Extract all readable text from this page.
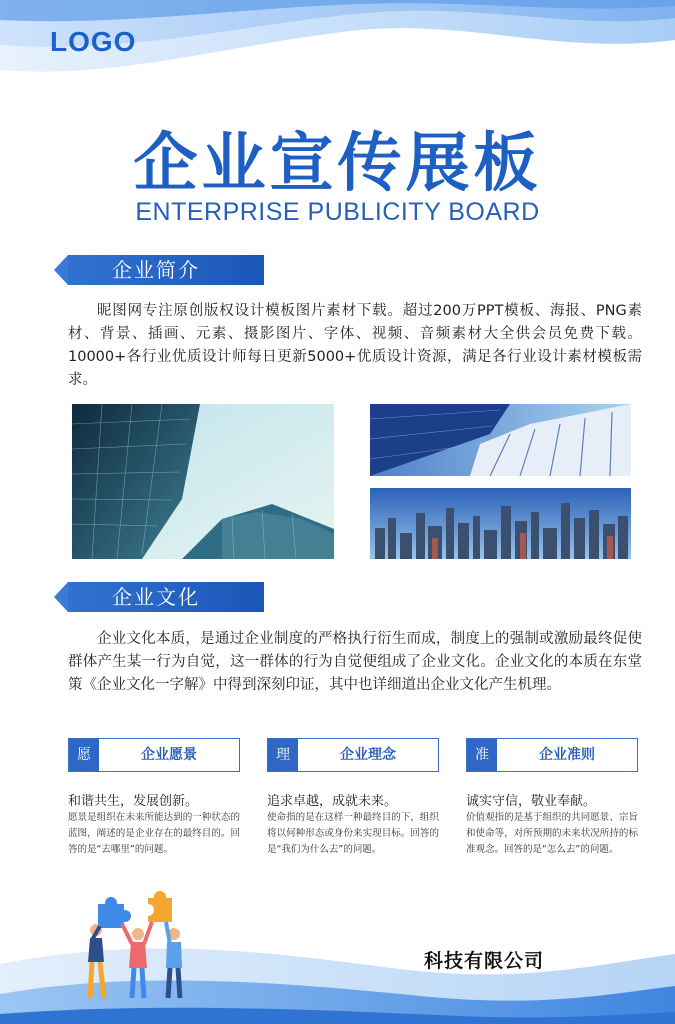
LOGO
企业宣传展板
ENTERPRISE PUBLICITY BOARD
企业简介

昵图网专注原创版权设计模板图片素材下载。超过200万PPT模板、海报、PNG素材、背景、插画、元素、摄影图片、字体、视频、音频素材大全供会员免费下载。10000+各行业优质设计师每日更新5000+优质设计资源，满足各行业设计素材模板需求。

企业文化

企业文化本质，是通过企业制度的严格执行衍生而成，制度上的强制或激励最终促使群体产生某一行为自觉，这一群体的行为自觉便组成了企业文化。企业文化的本质在东堂策《企业文化一字解》中得到深刻印证，其中也详细道出企业文化产生机理。

愿	企业愿景	理	企业理念	准	企业准则
和谐共生，发展创新。	追求卓越，成就未来。	诚实守信，敬业奉献。

愿景是组织在未来所能达到的一种状态的蓝图，阐述的是企业存在的最终目的。回答的是“去哪里”的问题。

使命指的是在这样一种最终目的下，组织将以何种形态或身份来实现目标。回答的是“我们为什么去”的问题。

价值观指的是基于组织的共同愿景、宗旨和使命等，对所预期的未来状况所持的标准观念。回答的是“怎么去”的问题。

科技有限公司
